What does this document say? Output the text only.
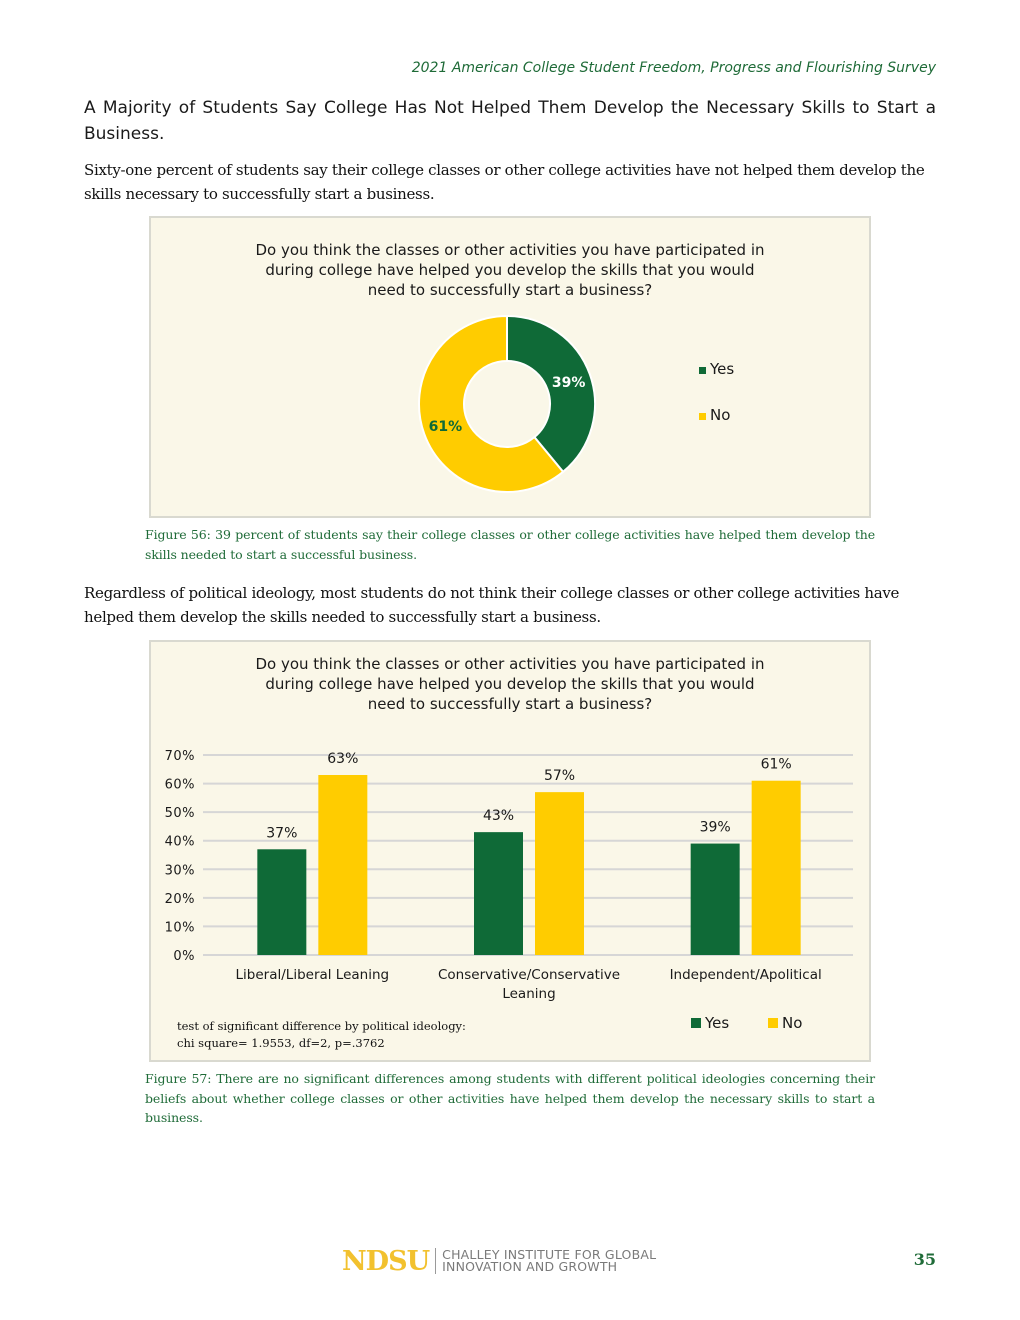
2021 American College Student Freedom, Progress and Flourishing Survey
A Majority of Students Say College Has Not Helped Them Develop the Necessary Skills to Start a Business.
Sixty-one percent of students say their college classes or other college activities have not helped them develop the skills necessary to successfully start a business.
Do you think the classes or other activities you have participated in
during college have helped you develop the skills that you would
need to successfully start a business?
39%
61%
Yes
No
Figure 56: 39 percent of students say their college classes or other college activities have helped them develop the skills needed to start a successful business.
Regardless of political ideology, most students do not think their college classes or other college activities have helped them develop the skills needed to successfully start a business.
Do you think the classes or other activities you have participated in
during college have helped you develop the skills that you would
need to successfully start a business?
0%
10%
20%
30%
40%
50%
60%
70%
37%
63%
Liberal/Liberal Leaning
43%
57%
Conservative/Conservative
Leaning
39%
61%
Independent/Apolitical
Yes	No
test of significant difference by political ideology:
chi square= 1.9553, df=2, p=.3762
Figure 57: There are no significant differences among students with different political ideologies concerning their beliefs about whether college classes or other activities have helped them develop the necessary skills to start a business.
NDSU CHALLEY INSTITUTE FOR GLOBAL
INNOVATION AND GROWTH	35
